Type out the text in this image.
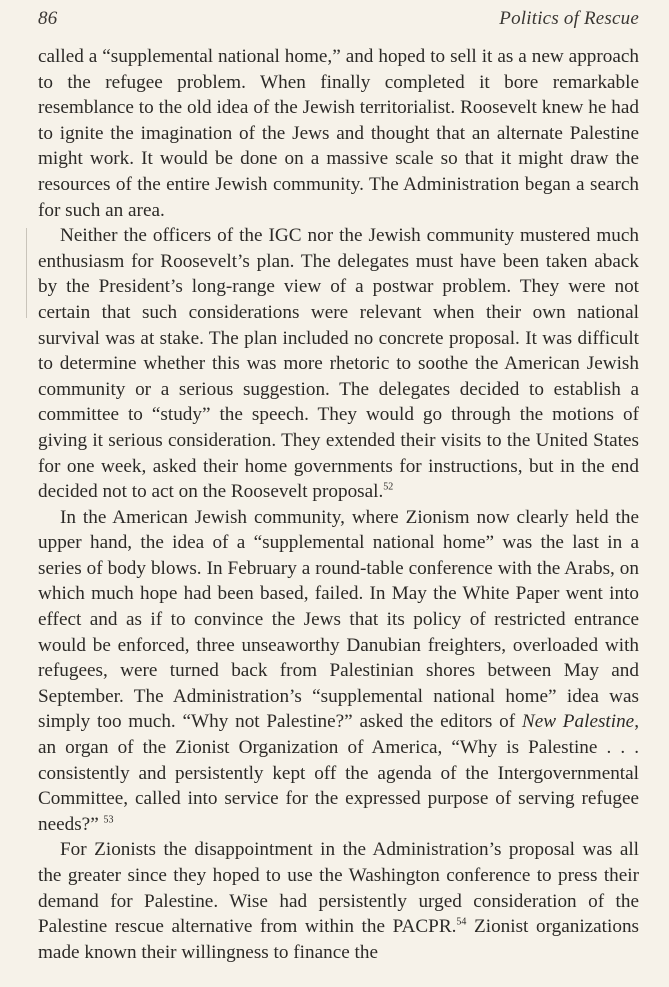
86	Politics of Rescue

called a “supplemental national home,” and hoped to sell it as a new approach to the refugee problem. When finally completed it bore remarkable resemblance to the old idea of the Jewish territorialist. Roosevelt knew he had to ignite the imagination of the Jews and thought that an alternate Palestine might work. It would be done on a massive scale so that it might draw the resources of the entire Jewish community. The Administration began a search for such an area.

Neither the officers of the IGC nor the Jewish community mustered much enthusiasm for Roosevelt’s plan. The delegates must have been taken aback by the President’s long-range view of a postwar problem. They were not certain that such considerations were relevant when their own national survival was at stake. The plan included no concrete proposal. It was difficult to determine whether this was more rhetoric to soothe the American Jewish community or a serious suggestion. The delegates decided to establish a committee to “study” the speech. They would go through the motions of giving it serious consideration. They extended their visits to the United States for one week, asked their home governments for instructions, but in the end decided not to act on the Roosevelt proposal.$^{52}$

In the American Jewish community, where Zionism now clearly held the upper hand, the idea of a “supplemental national home” was the last in a series of body blows. In February a round-table conference with the Arabs, on which much hope had been based, failed. In May the White Paper went into effect and as if to convince the Jews that its policy of restricted entrance would be enforced, three unseaworthy Danubian freighters, overloaded with refugees, were turned back from Palestinian shores between May and September. The Administration’s “supplemental national home” idea was simply too much. “Why not Palestine?” asked the editors of New Palestine, an organ of the Zionist Organization of America, “Why is Palestine . . . consistently and persistently kept off the agenda of the Intergovernmental Committee, called into service for the expressed purpose of serving refugee needs?” $^{53}$

For Zionists the disappointment in the Administration’s proposal was all the greater since they hoped to use the Washington conference to press their demand for Palestine. Wise had persistently urged consideration of the Palestine rescue alternative from within the PACPR.$^{54}$ Zionist organizations made known their willingness to finance the
